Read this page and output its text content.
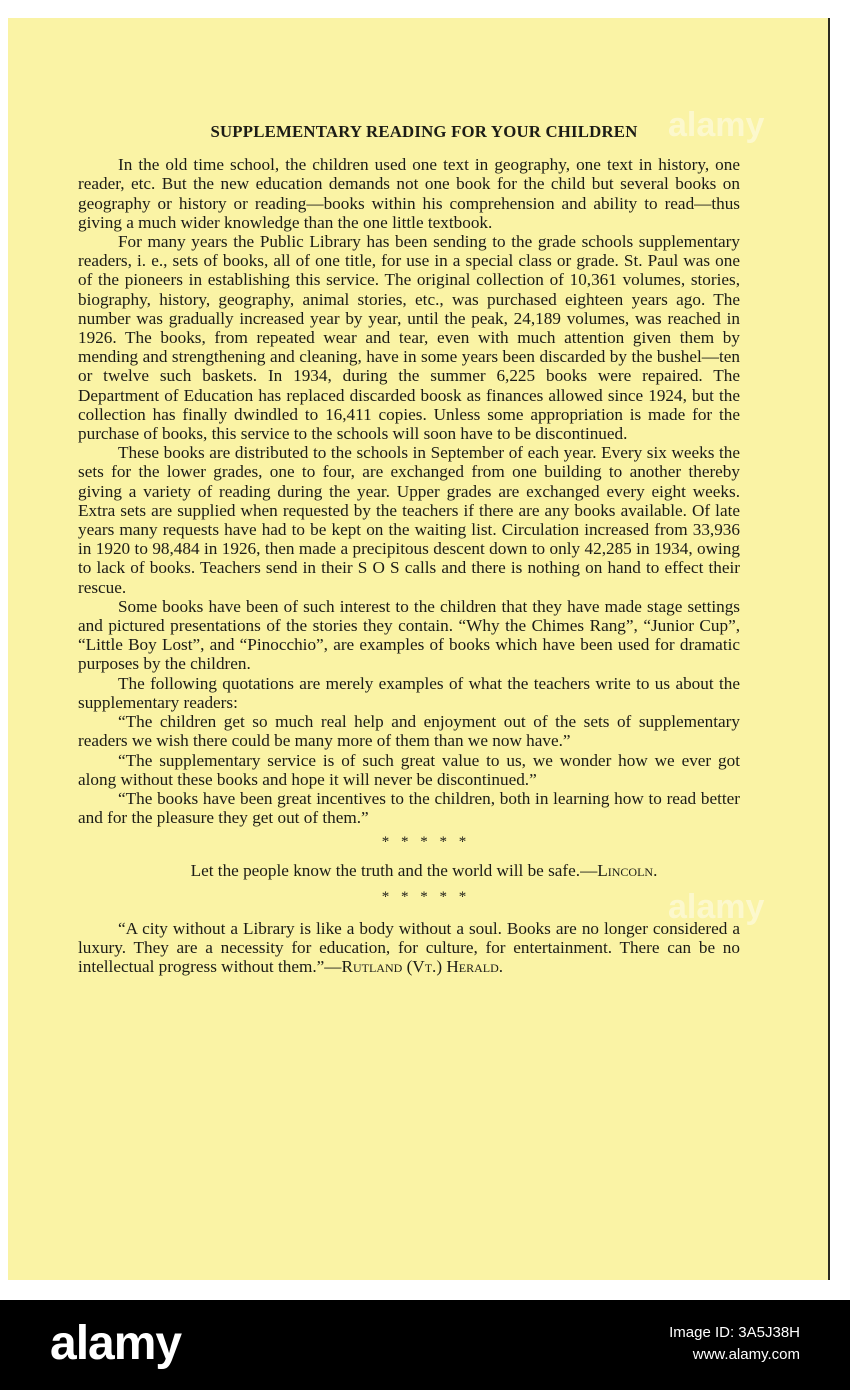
alamy
alamy
SUPPLEMENTARY READING FOR YOUR CHILDREN

In the old time school, the children used one text in geography, one text in history, one reader, etc. But the new education demands not one book for the child but several books on geography or history or reading—books within his comprehension and ability to read—thus giving a much wider knowledge than the one little textbook.

For many years the Public Library has been sending to the grade schools supplementary readers, i. e., sets of books, all of one title, for use in a special class or grade. St. Paul was one of the pioneers in establishing this service. The original collection of 10,361 volumes, stories, biography, history, geography, animal stories, etc., was purchased eighteen years ago. The number was gradually increased year by year, until the peak, 24,189 volumes, was reached in 1926. The books, from repeated wear and tear, even with much attention given them by mending and strengthening and cleaning, have in some years been discarded by the bushel—ten or twelve such baskets. In 1934, during the summer 6,225 books were repaired. The Department of Education has replaced discarded boosk as finances allowed since 1924, but the collection has finally dwindled to 16,411 copies. Unless some appropriation is made for the purchase of books, this service to the schools will soon have to be discontinued.

These books are distributed to the schools in September of each year. Every six weeks the sets for the lower grades, one to four, are exchanged from one building to another thereby giving a variety of reading during the year. Upper grades are exchanged every eight weeks. Extra sets are supplied when requested by the teachers if there are any books available. Of late years many requests have had to be kept on the waiting list. Circulation increased from 33,936 in 1920 to 98,484 in 1926, then made a precipitous descent down to only 42,285 in 1934, owing to lack of books. Teachers send in their S O S calls and there is nothing on hand to effect their rescue.

Some books have been of such interest to the children that they have made stage settings and pictured presentations of the stories they contain. “Why the Chimes Rang”, “Junior Cup”, “Little Boy Lost”, and “Pinocchio”, are examples of books which have been used for dramatic purposes by the children.

The following quotations are merely examples of what the teachers write to us about the supplementary readers:

“The children get so much real help and enjoyment out of the sets of supplementary readers we wish there could be many more of them than we now have.”

“The supplementary service is of such great value to us, we wonder how we ever got along without these books and hope it will never be discontinued.”

“The books have been great incentives to the children, both in learning how to read better and for the pleasure they get out of them.”

* * * * *
Let the people know the truth and the world will be safe.—Lincoln.
* * * * *

“A city without a Library is like a body without a soul. Books are no longer considered a luxury. They are a necessity for education, for culture, for entertainment. There can be no intellectual progress without them.”—Rutland (Vt.) Herald.

alamy	Image ID: 3A5J38H
www.alamy.com
